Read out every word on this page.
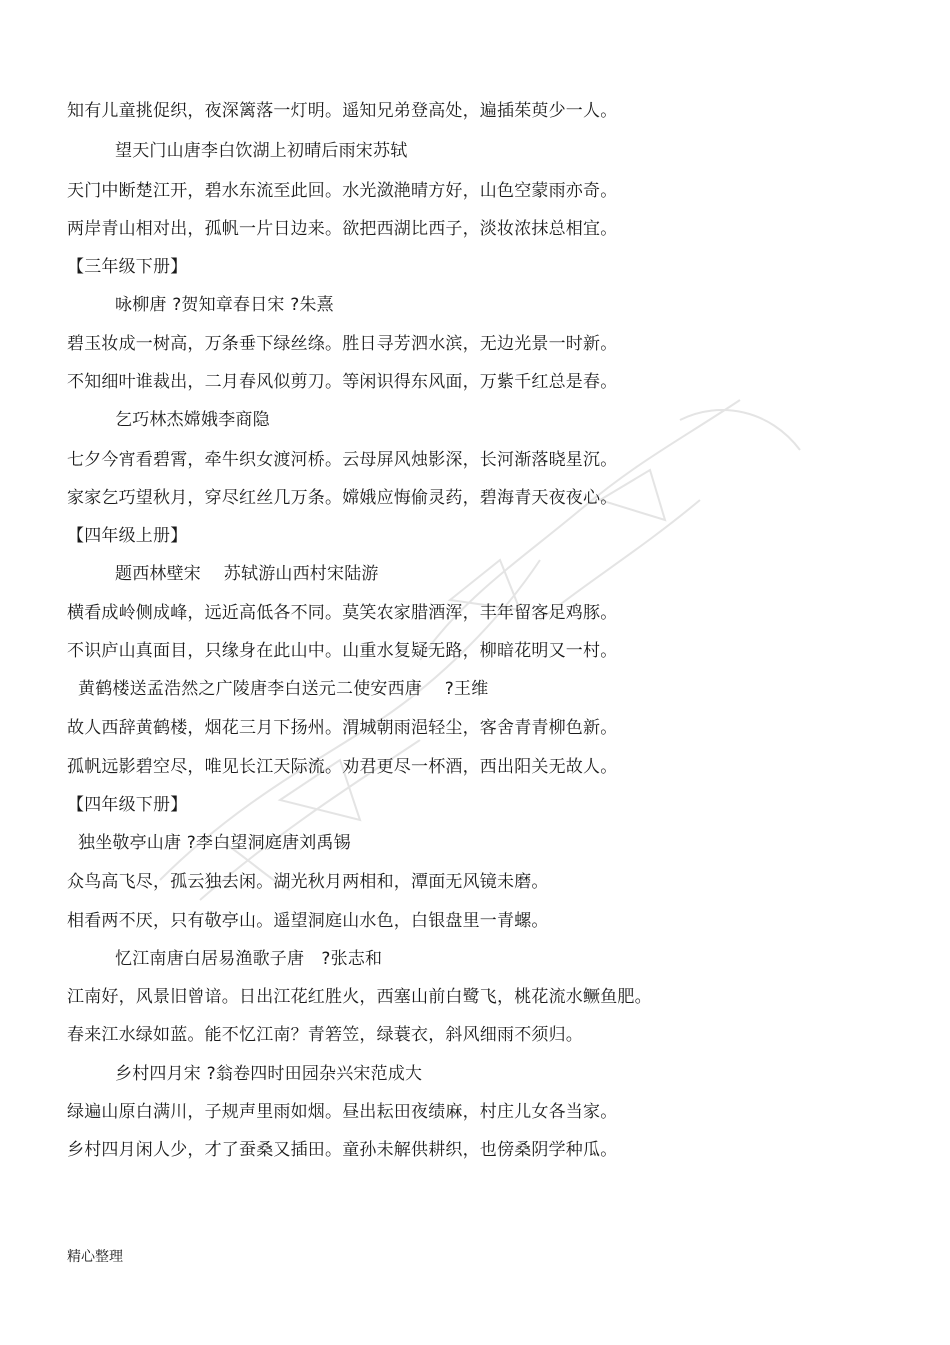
知有儿童挑促织，夜深篱落一灯明。遥知兄弟登高处，遍插茱萸少一人。
望天门山唐李白饮湖上初晴后雨宋苏轼
天门中断楚江开，碧水东流至此回。水光潋滟晴方好，山色空蒙雨亦奇。
两岸青山相对出，孤帆一片日边来。欲把西湖比西子，淡妆浓抹总相宜。
【三年级下册】
咏柳唐 ?贺知章春日宋 ?朱熹
碧玉妆成一树高，万条垂下绿丝绦。胜日寻芳泗水滨，无边光景一时新。
不知细叶谁裁出，二月春风似剪刀。等闲识得东风面，万紫千红总是春。
乞巧林杰嫦娥李商隐
七夕今宵看碧霄，牵牛织女渡河桥。云母屏风烛影深，长河渐落晓星沉。
家家乞巧望秋月，穿尽红丝几万条。嫦娥应悔偷灵药，碧海青天夜夜心。
【四年级上册】
题西林壁宋　 苏轼游山西村宋陆游
横看成岭侧成峰，远近高低各不同。莫笑农家腊酒浑，丰年留客足鸡豚。
不识庐山真面目，只缘身在此山中。山重水复疑无路，柳暗花明又一村。
黄鹤楼送孟浩然之广陵唐李白送元二使安西唐　 ?王维
故人西辞黄鹤楼，烟花三月下扬州。渭城朝雨浥轻尘，客舍青青柳色新。
孤帆远影碧空尽，唯见长江天际流。劝君更尽一杯酒，西出阳关无故人。
【四年级下册】
独坐敬亭山唐 ?李白望洞庭唐刘禹锡
众鸟高飞尽，孤云独去闲。湖光秋月两相和，潭面无风镜未磨。
相看两不厌，只有敬亭山。遥望洞庭山水色，白银盘里一青螺。
忆江南唐白居易渔歌子唐　?张志和
江南好，风景旧曾谙。日出江花红胜火，西塞山前白鹭飞，桃花流水鳜鱼肥。
春来江水绿如蓝。能不忆江南？青箬笠，绿蓑衣，斜风细雨不须归。
乡村四月宋 ?翁卷四时田园杂兴宋范成大
绿遍山原白满川，子规声里雨如烟。昼出耘田夜绩麻，村庄儿女各当家。
乡村四月闲人少，才了蚕桑又插田。童孙未解供耕织，也傍桑阴学种瓜。
精心整理
